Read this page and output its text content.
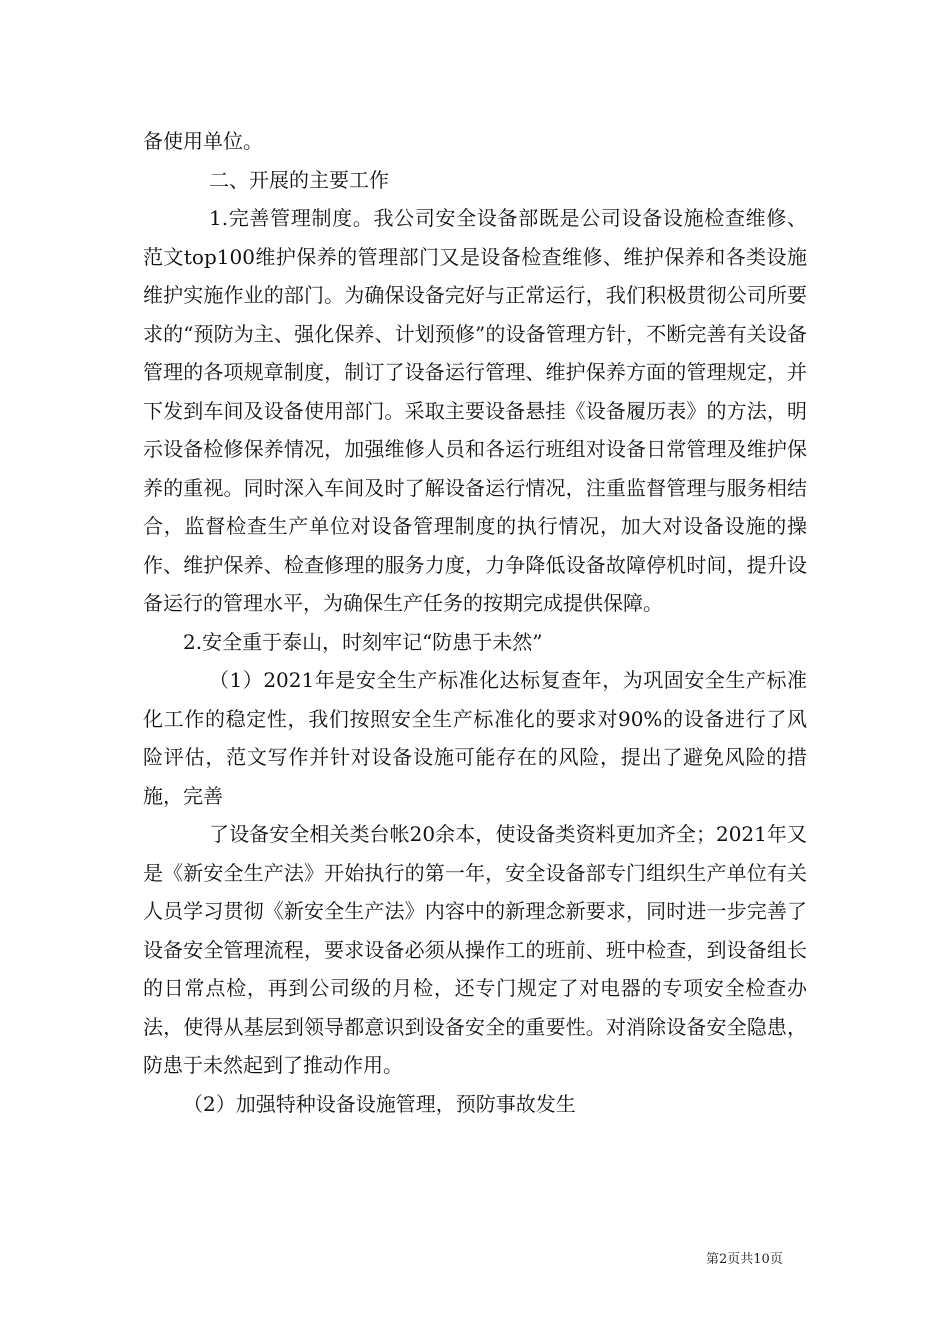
备使用单位。

二、开展的主要工作

1.完善管理制度。我公司安全设备部既是公司设备设施检查维修、范文top100维护保养的管理部门又是设备检查维修、维护保养和各类设施维护实施作业的部门。为确保设备完好与正常运行，我们积极贯彻公司所要求的“预防为主、强化保养、计划预修”的设备管理方针，不断完善有关设备管理的各项规章制度，制订了设备运行管理、维护保养方面的管理规定，并下发到车间及设备使用部门。采取主要设备悬挂《设备履历表》的方法，明示设备检修保养情况，加强维修人员和各运行班组对设备日常管理及维护保养的重视。同时深入车间及时了解设备运行情况，注重监督管理与服务相结合，监督检查生产单位对设备管理制度的执行情况，加大对设备设施的操作、维护保养、检查修理的服务力度，力争降低设备故障停机时间，提升设备运行的管理水平，为确保生产任务的按期完成提供保障。

2.安全重于泰山，时刻牢记“防患于未然”

（1）2021年是安全生产标准化达标复查年，为巩固安全生产标准化工作的稳定性，我们按照安全生产标准化的要求对90%的设备进行了风险评估，范文写作并针对设备设施可能存在的风险，提出了避免风险的措施，完善

了设备安全相关类台帐20余本，使设备类资料更加齐全；2021年又是《新安全生产法》开始执行的第一年，安全设备部专门组织生产单位有关人员学习贯彻《新安全生产法》内容中的新理念新要求，同时进一步完善了设备安全管理流程，要求设备必须从操作工的班前、班中检查，到设备组长的日常点检，再到公司级的月检，还专门规定了对电器的专项安全检查办法，使得从基层到领导都意识到设备安全的重要性。对消除设备安全隐患，防患于未然起到了推动作用。

（2）加强特种设备设施管理，预防事故发生

第2页共10页
